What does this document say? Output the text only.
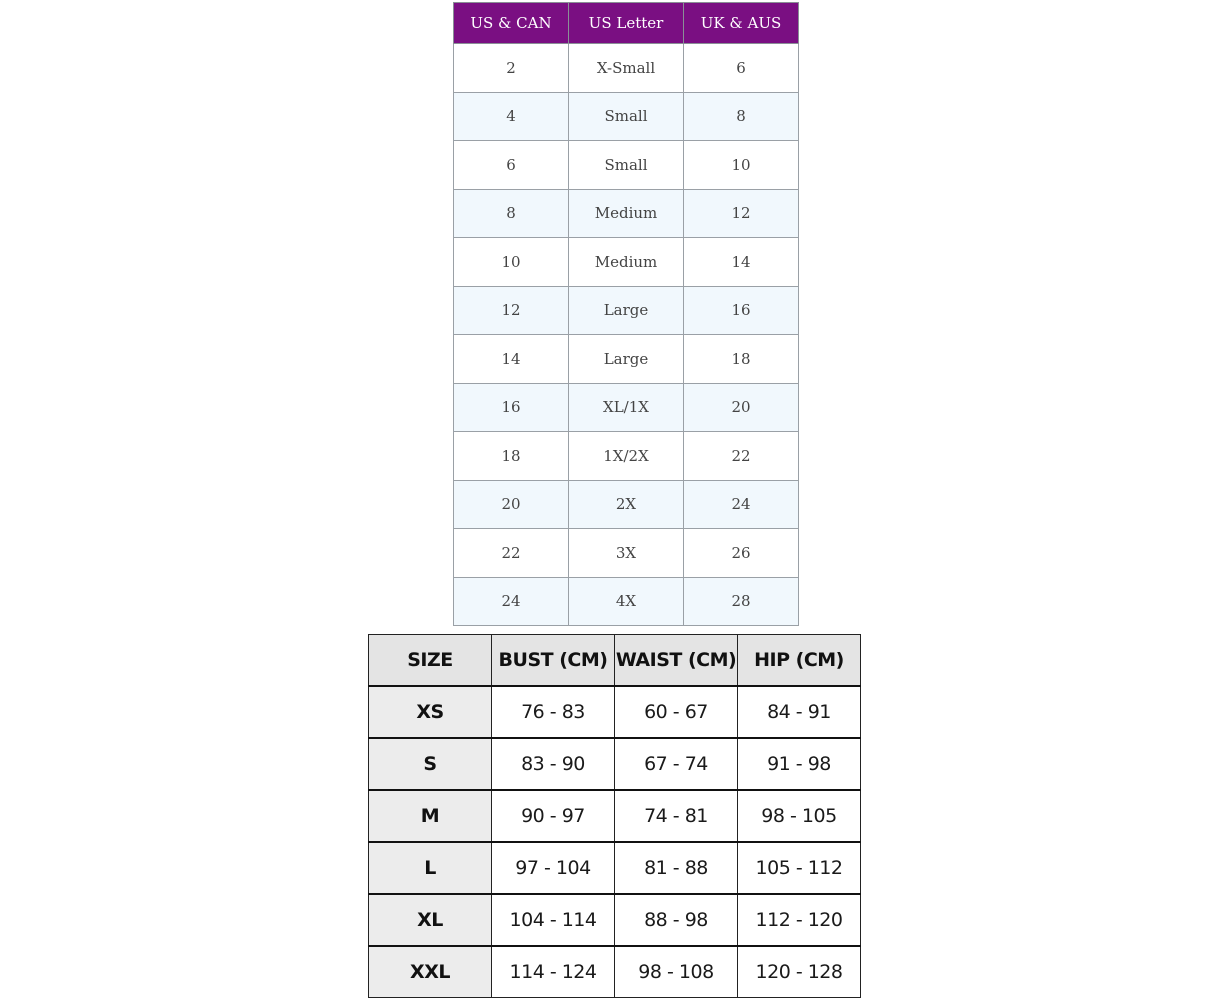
US & CAN	US Letter	UK & AUS
2	X-Small	6
4	Small	8
6	Small	10
8	Medium	12
10	Medium	14
12	Large	16
14	Large	18
16	XL/1X	20
18	1X/2X	22
20	2X	24
22	3X	26
24	4X	28
SIZE	BUST (CM)	WAIST (CM)	HIP (CM)
XS	76 - 83	60 - 67	84 - 91
S	83 - 90	67 - 74	91 - 98
M	90 - 97	74 - 81	98 - 105
L	97 - 104	81 - 88	105 - 112
XL	104 - 114	88 - 98	112 - 120
XXL	114 - 124	98 - 108	120 - 128
